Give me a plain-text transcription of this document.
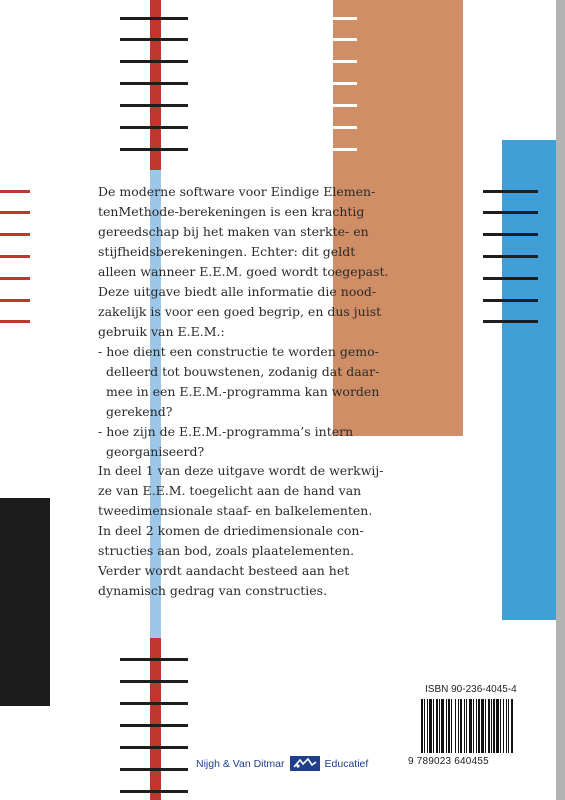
De moderne software voor Eindige Elemen-

tenMethode-berekeningen is een krachtig

gereedschap bij het maken van sterkte- en

stijfheidsberekeningen. Echter: dit geldt

alleen wanneer E.E.M. goed wordt toegepast.

Deze uitgave biedt alle informatie die nood-

zakelijk is voor een goed begrip, en dus juist

gebruik van E.E.M.:

- hoe dient een constructie te worden gemo-

delleerd tot bouwstenen, zodanig dat daar-

mee in een E.E.M.-programma kan worden

gerekend?

- hoe zijn de E.E.M.-programma’s intern

georganiseerd?

In deel 1 van deze uitgave wordt de werkwij-

ze van E.E.M. toegelicht aan de hand van

tweedimensionale staaf- en balkelementen.

In deel 2 komen de driedimensionale con-

structies aan bod, zoals plaatelementen.

Verder wordt aandacht besteed aan het

dynamisch gedrag van constructies.

ISBN 90-236-4045-4
9 789023 640455
Nijgh & Van Ditmar	Educatief
